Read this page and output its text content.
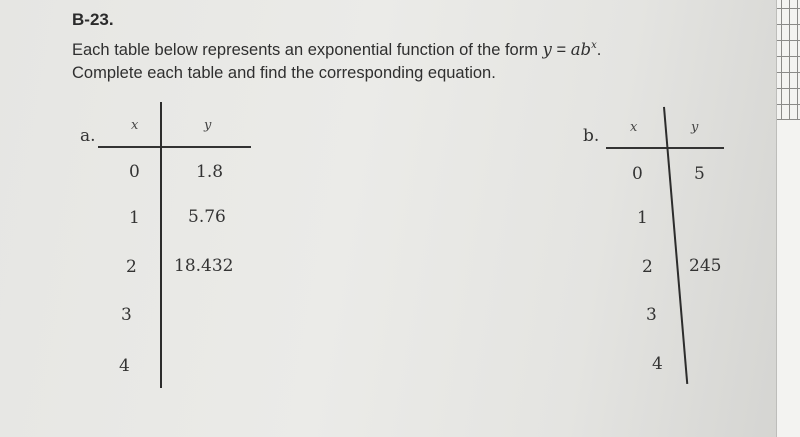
B-23.
Each table below represents an exponential function of the form $y = ab^x$.
Complete each table and find the corresponding equation.
a.
x	y
0
1
2
3
4
1.8
5.76
18.432
b. x	y
0
1
2
3
4
5
245
